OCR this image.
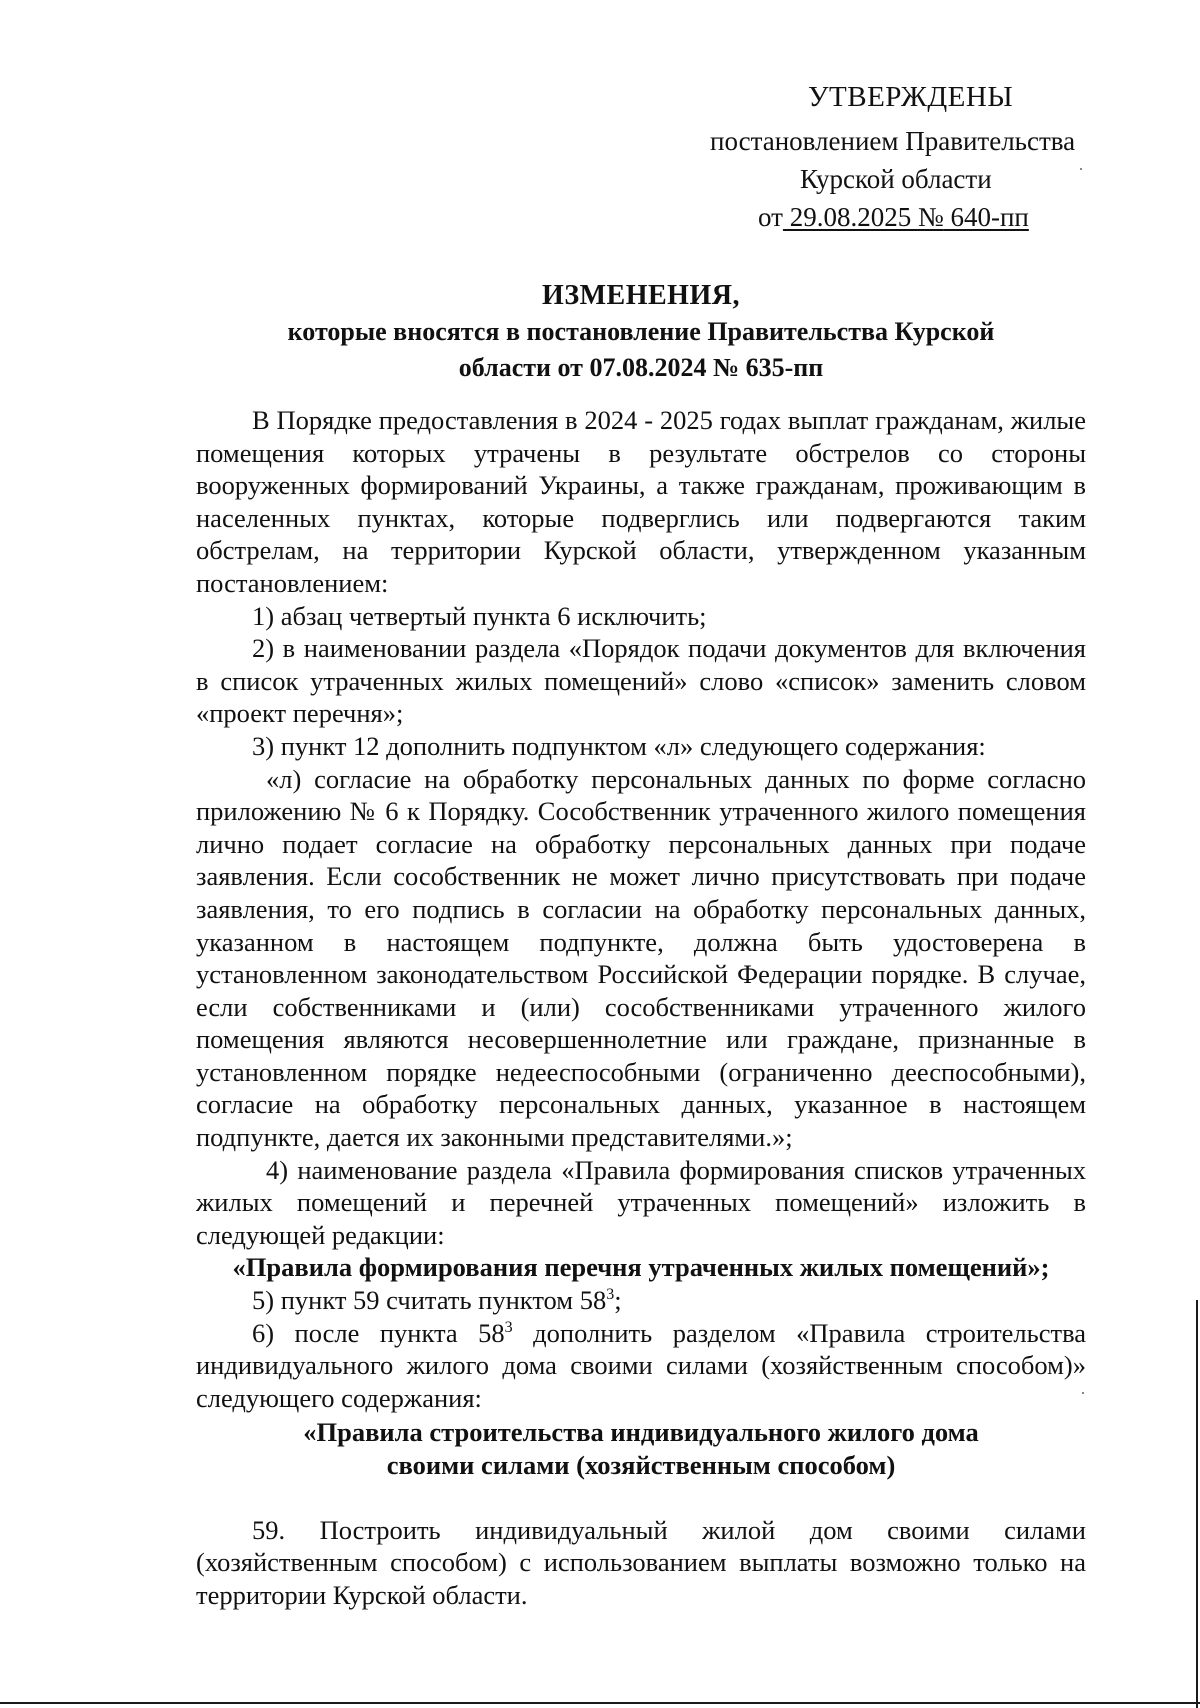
УТВЕРЖДЕНЫ
постановлением Правительства
Курской области
от 29.08.2025 № 640-пп
ИЗМЕНЕНИЯ,
которые вносятся в постановление Правительства Курской
области от 07.08.2024 № 635-пп

В Порядке предоставления в 2024 - 2025 годах выплат гражданам, жилые помещения которых утрачены в результате обстрелов со стороны вооруженных формирований Украины, а также гражданам, проживающим в населенных пунктах, которые подверглись или подвергаются таким обстрелам, на территории Курской области, утвержденном указанным постановлением:

1) абзац четвертый пункта 6 исключить;

2) в наименовании раздела «Порядок подачи документов для включения в список утраченных жилых помещений» слово «список» заменить словом «проект перечня»;

3) пункт 12 дополнить подпунктом «л» следующего содержания:

«л) согласие на обработку персональных данных по форме согласно приложению № 6 к Порядку. Сособственник утраченного жилого помещения лично подает согласие на обработку персональных данных при подаче заявления. Если сособственник не может лично присутствовать при подаче заявления, то его подпись в согласии на обработку персональных данных, указанном в настоящем подпункте, должна быть удостоверена в установленном законодательством Российской Федерации порядке. В случае, если собственниками и (или) сособственниками утраченного жилого помещения являются несовершеннолетние или граждане, признанные в установленном порядке недееспособными (ограниченно дееспособными), согласие на обработку персональных данных, указанное в настоящем подпункте, дается их законными представителями.»;

4) наименование раздела «Правила формирования списков утраченных жилых помещений и перечней утраченных помещений» изложить в следующей редакции:

«Правила формирования перечня утраченных жилых помещений»;

5) пункт 59 считать пунктом $58^3$;

6) после пункта $58^3$ дополнить разделом «Правила строительства индивидуального жилого дома своими силами (хозяйственным способом)» следующего содержания:

«Правила строительства индивидуального жилого дома

своими силами (хозяйственным способом)

59. Построить индивидуальный жилой дом своими силами (хозяйственным способом) с использованием выплаты возможно только на территории Курской области.
